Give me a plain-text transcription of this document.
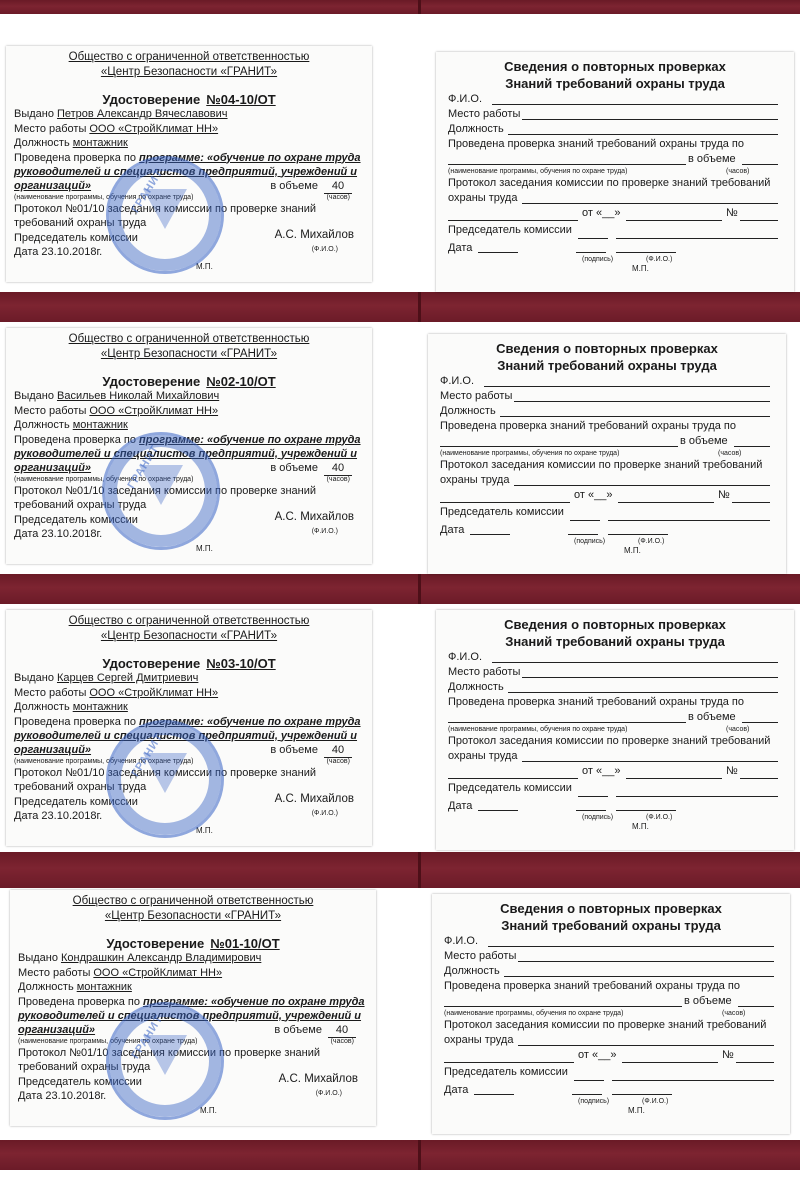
Общество с ограниченной ответственностью
«Центр Безопасности «ГРАНИТ»
Удостоверение №04-10/ОТ
Выдано Петров Александр Вячеславович
Место работы ООО «СтройКлимат НН»
Должность монтажник
Проведена проверка по программе: «обучение по охране труда
руководителей и специалистов предприятий, учреждений и
организаций»	в объеме 40
(наименование программы, обучения по охране труда)	(часов)
Протокол №01/10 заседания комиссии по проверке знаний
требований охраны труда
Председатель комиссии	А.С. Михайлов
(Ф.И.О.)
Дата 23.10.2018г.
М.П.
ГРАНИТ
Сведения о повторных проверках
Знаний требований охраны труда
Ф.И.О.
Место работы
Должность
Проведена проверка знаний требований охраны труда по
в объеме
(наименование программы, обучения по охране труда)	(часов)
Протокол заседания комиссии по проверке знаний требований
охраны труда
от «__»	№
Председатель комиссии
Дата
(подпись)	(Ф.И.О.)
М.П.
Общество с ограниченной ответственностью
«Центр Безопасности «ГРАНИТ»
Удостоверение №02-10/ОТ
Выдано Васильев Николай Михайлович
Место работы ООО «СтройКлимат НН»
Должность монтажник
Проведена проверка по программе: «обучение по охране труда
руководителей и специалистов предприятий, учреждений и
организаций»	в объеме 40
(наименование программы, обучения по охране труда)	(часов)
Протокол №01/10 заседания комиссии по проверке знаний
требований охраны труда
Председатель комиссии	А.С. Михайлов
(Ф.И.О.)
Дата 23.10.2018г.
М.П.
ГРАНИТ
Сведения о повторных проверках
Знаний требований охраны труда
Ф.И.О.
Место работы
Должность
Проведена проверка знаний требований охраны труда по
в объеме
(наименование программы, обучения по охране труда)	(часов)
Протокол заседания комиссии по проверке знаний требований
охраны труда
от «__»	№
Председатель комиссии
Дата
(подпись)	(Ф.И.О.)
М.П.
Общество с ограниченной ответственностью
«Центр Безопасности «ГРАНИТ»
Удостоверение №03-10/ОТ
Выдано Карцев Сергей Дмитриевич
Место работы ООО «СтройКлимат НН»
Должность монтажник
Проведена проверка по программе: «обучение по охране труда
руководителей и специалистов предприятий, учреждений и
организаций»	в объеме 40
(наименование программы, обучения по охране труда)	(часов)
Протокол №01/10 заседания комиссии по проверке знаний
требований охраны труда
Председатель комиссии	А.С. Михайлов
(Ф.И.О.)
Дата 23.10.2018г.
М.П.
ГРАНИТ
Сведения о повторных проверках
Знаний требований охраны труда
Ф.И.О.
Место работы
Должность
Проведена проверка знаний требований охраны труда по
в объеме
(наименование программы, обучения по охране труда)	(часов)
Протокол заседания комиссии по проверке знаний требований
охраны труда
от «__»	№
Председатель комиссии
Дата
(подпись)	(Ф.И.О.)
М.П.
Общество с ограниченной ответственностью
«Центр Безопасности «ГРАНИТ»
Удостоверение №01-10/ОТ
Выдано Кондрашкин Александр Владимирович
Место работы ООО «СтройКлимат НН»
Должность монтажник
Проведена проверка по программе: «обучение по охране труда
руководителей и специалистов предприятий, учреждений и
организаций»	в объеме 40
(наименование программы, обучения по охране труда)	(часов)
Протокол №01/10 заседания комиссии по проверке знаний
требований охраны труда
Председатель комиссии	А.С. Михайлов
(Ф.И.О.)
Дата 23.10.2018г.
М.П.
ГРАНИТ
Сведения о повторных проверках
Знаний требований охраны труда
Ф.И.О.
Место работы
Должность
Проведена проверка знаний требований охраны труда по
в объеме
(наименование программы, обучения по охране труда)	(часов)
Протокол заседания комиссии по проверке знаний требований
охраны труда
от «__»	№
Председатель комиссии
Дата
(подпись)	(Ф.И.О.)
М.П.
